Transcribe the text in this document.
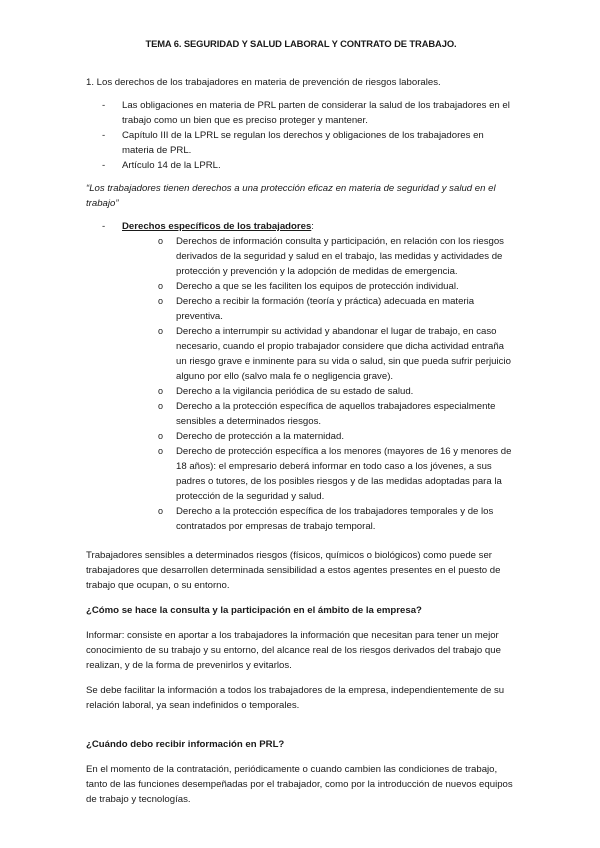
TEMA 6. SEGURIDAD Y SALUD LABORAL Y CONTRATO DE TRABAJO.

1. Los derechos de los trabajadores en materia de prevención de riesgos laborales.

- Las obligaciones en materia de PRL parten de considerar la salud de los trabajadores en el trabajo como un bien que es preciso proteger y mantener.
- Capítulo III de la LPRL se regulan los derechos y obligaciones de los trabajadores en materia de PRL.
- Artículo 14 de la LPRL.

“Los trabajadores tienen derechos a una protección eficaz en materia de seguridad y salud en el trabajo”

- Derechos específicos de los trabajadores:
o Derechos de información consulta y participación, en relación con los riesgos derivados de la seguridad y salud en el trabajo, las medidas y actividades de protección y prevención y la adopción de medidas de emergencia.
o Derecho a que se les faciliten los equipos de protección individual.
o Derecho a recibir la formación (teoría y práctica) adecuada en materia preventiva.
o Derecho a interrumpir su actividad y abandonar el lugar de trabajo, en caso necesario, cuando el propio trabajador considere que dicha actividad entraña un riesgo grave e inminente para su vida o salud, sin que pueda sufrir perjuicio alguno por ello (salvo mala fe o negligencia grave).
o Derecho a la vigilancia periódica de su estado de salud.
o Derecho a la protección específica de aquellos trabajadores especialmente sensibles a determinados riesgos.
o Derecho de protección a la maternidad.
o Derecho de protección específica a los menores (mayores de 16 y menores de 18 años): el empresario deberá informar en todo caso a los jóvenes, a sus padres o tutores, de los posibles riesgos y de las medidas adoptadas para la protección de la seguridad y salud.
o Derecho a la protección específica de los trabajadores temporales y de los contratados por empresas de trabajo temporal.

Trabajadores sensibles a determinados riesgos (físicos, químicos o biológicos) como puede ser trabajadores que desarrollen determinada sensibilidad a estos agentes presentes en el puesto de trabajo que ocupan, o su entorno.

¿Cómo se hace la consulta y la participación en el ámbito de la empresa?

Informar: consiste en aportar a los trabajadores la información que necesitan para tener un mejor conocimiento de su trabajo y su entorno, del alcance real de los riesgos derivados del trabajo que realizan, y de la forma de prevenirlos y evitarlos.

Se debe facilitar la información a todos los trabajadores de la empresa, independientemente de su relación laboral, ya sean indefinidos o temporales.

¿Cuándo debo recibir información en PRL?

En el momento de la contratación, periódicamente o cuando cambien las condiciones de trabajo, tanto de las funciones desempeñadas por el trabajador, como por la introducción de nuevos equipos de trabajo y tecnologías.
